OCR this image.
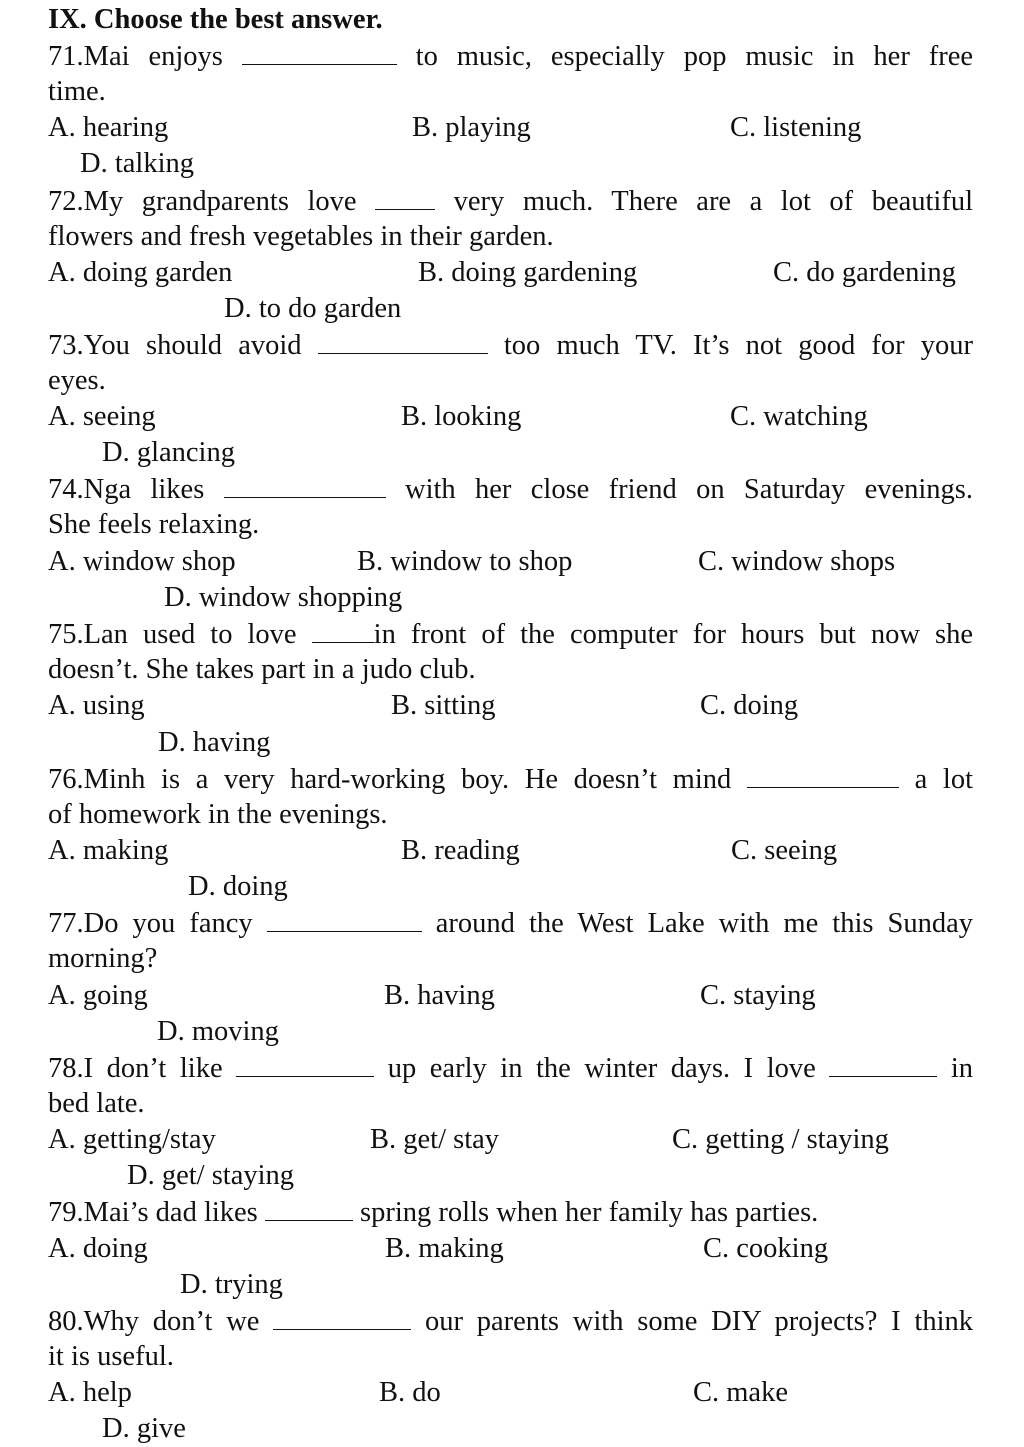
IX. Choose the best answer.
71.Mai enjoys	to music, especially pop music in her free
time.
A. hearing	B. playing	C. listening
D. talking
72.My grandparents love	very much. There are a lot of beautiful
flowers and fresh vegetables in their garden.
A. doing garden	B. doing gardening	C. do gardening
D. to do garden
73.You should avoid	too much TV. It’s not good for your
eyes.
A. seeing	B. looking	C. watching
D. glancing
74.Nga likes	with her close friend on Saturday evenings.
She feels relaxing.
A. window shop	B. window to shop	C. window shops
D. window shopping
75.Lan used to love	in front of the computer for hours but now she
doesn’t. She takes part in a judo club.
A. using	B. sitting	C. doing
D. having
76.Minh is a very hard-working boy. He doesn’t mind	a lot
of homework in the evenings.
A. making	B. reading	C. seeing
D. doing
77.Do you fancy	around the West Lake with me this Sunday
morning?
A. going	B. having	C. staying
D. moving
78.I don’t like	up early in the winter days. I love	in
bed late.
A. getting/stay	B. get/ stay	C. getting / staying
D. get/ staying
79.Mai’s dad likes	spring rolls when her family has parties.
A. doing	B. making	C. cooking
D. trying
80.Why don’t we	our parents with some DIY projects? I think
it is useful.
A. help	B. do	C. make
D. give
